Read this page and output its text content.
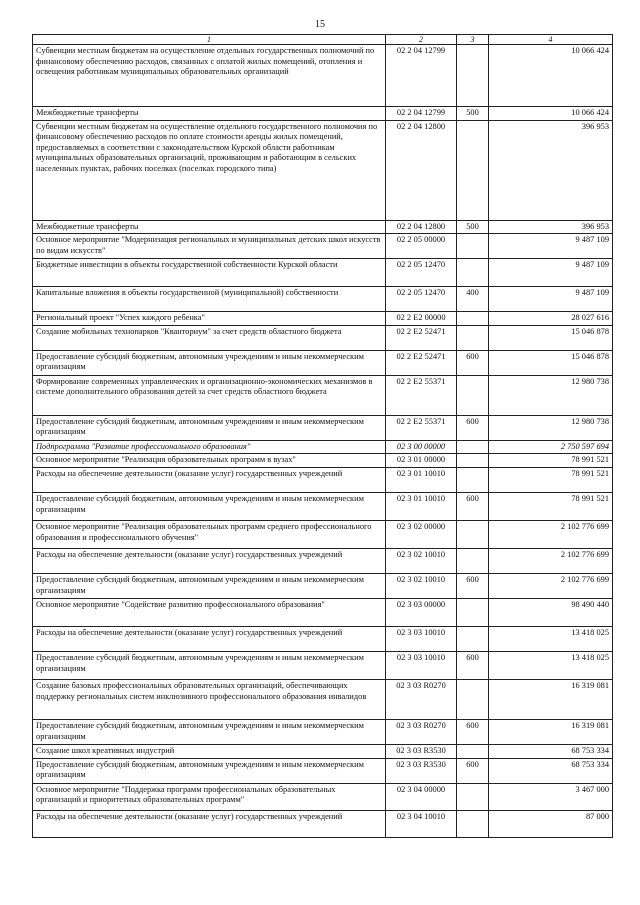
15
1	2	3	4
Субвенции местным бюджетам на осуществление отдельных государственных полномочий по финансовому обеспечению расходов, связанных с оплатой жилых помещений, отопления и освещения работникам муниципальных образовательных организаций	02 2 04 12799		10 066 424
Межбюджетные трансферты	02 2 04 12799	500	10 066 424
Субвенции местным бюджетам на осуществление отдельного государственного полномочия по финансовому обеспечению расходов по оплате стоимости аренды жилых помещений, предоставляемых в соответствии с законодательством Курской области работникам муниципальных образовательных организаций, проживающим и работающим в сельских населенных пунктах, рабочих поселках (поселках городского типа)	02 2 04 12800		396 953
Межбюджетные трансферты	02 2 04 12800	500	396 953
Основное мероприятие "Модернизация региональных и муниципальных детских школ искусств по видам искусств"	02 2 05 00000		9 487 109
Бюджетные инвестиции в объекты государственной собственности Курской области	02 2 05 12470		9 487 109
Капитальные вложения в объекты государственной (муниципальной) собственности	02 2 05 12470	400	9 487 109
Региональный проект "Успех каждого ребенка"	02 2 E2 00000		28 027 616
Создание мобильных технопарков "Кванториум" за счет средств областного бюджета	02 2 E2 52471		15 046 878
Предоставление субсидий бюджетным, автономным учреждениям и иным некоммерческим организациям	02 2 E2 52471	600	15 046 878
Формирование современных управленческих и организационно-экономических механизмов в системе дополнительного образования детей за счет средств областного бюджета	02 2 E2 55371		12 980 738
Предоставление субсидий бюджетным, автономным учреждениям и иным некоммерческим организациям	02 2 E2 55371	600	12 980 738
Подпрограмма "Развитие профессионального образования"	02 3 00 00000		2 750 597 694
Основное мероприятие "Реализация образовательных программ в вузах"	02 3 01 00000		78 991 521
Расходы на обеспечение деятельности (оказание услуг) государственных учреждений	02 3 01 10010		78 991 521
Предоставление субсидий бюджетным, автономным учреждениям и иным некоммерческим организациям	02 3 01 10010	600	78 991 521
Основное мероприятие "Реализация образовательных программ среднего профессионального образования и профессионального обучения"	02 3 02 00000		2 102 776 699
Расходы на обеспечение деятельности (оказание услуг) государственных учреждений	02 3 02 10010		2 102 776 699
Предоставление субсидий бюджетным, автономным учреждениям и иным некоммерческим организациям	02 3 02 10010	600	2 102 776 699
Основное мероприятие "Содействие развитию профессионального образования"	02 3 03 00000		98 490 440
Расходы на обеспечение деятельности (оказание услуг) государственных учреждений	02 3 03 10010		13 418 025
Предоставление субсидий бюджетным, автономным учреждениям и иным некоммерческим организациям	02 3 03 10010	600	13 418 025
Создание базовых профессиональных образовательных организаций, обеспечивающих поддержку региональных систем инклюзивного профессионального образования инвалидов	02 3 03 R0270		16 319 081
Предоставление субсидий бюджетным, автономным учреждениям и иным некоммерческим организациям	02 3 03 R0270	600	16 319 081
Создание школ креативных индустрий	02 3 03 R3530		68 753 334
Предоставление субсидий бюджетным, автономным учреждениям и иным некоммерческим организациям	02 3 03 R3530	600	68 753 334
Основное мероприятие "Поддержка программ профессиональных образовательных организаций и приоритетных образовательных программ"	02 3 04 00000		3 467 000
Расходы на обеспечение деятельности (оказание услуг) государственных учреждений	02 3 04 10010		87 000
